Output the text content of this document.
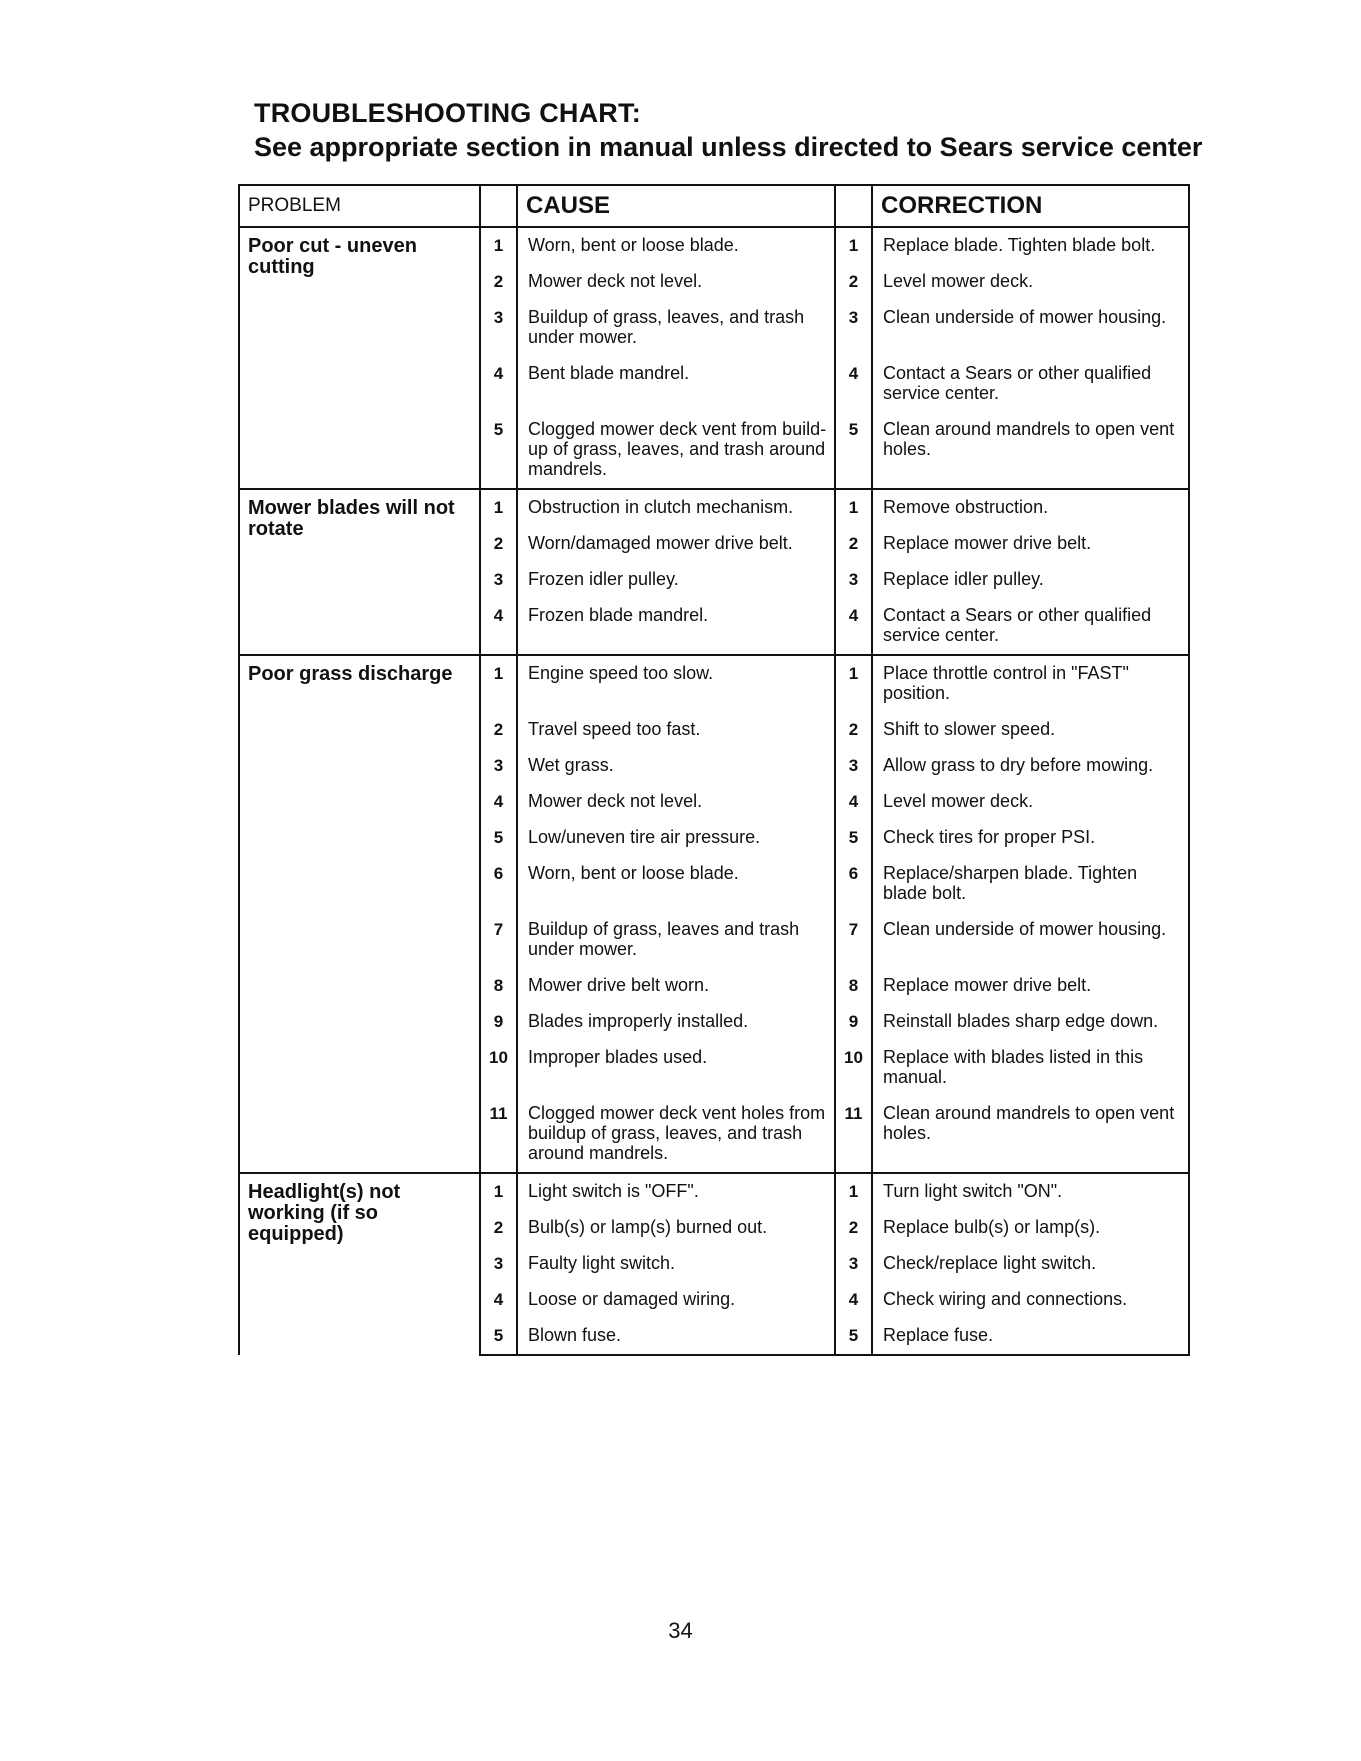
TROUBLESHOOTING CHART:
See appropriate section in manual unless directed to Sears service center
PROBLEM		CAUSE		CORRECTION
Poor cut - uneven cutting	1	Worn, bent or loose blade.	1	Replace blade. Tighten blade bolt.
	2	Mower deck not level.	2	Level mower deck.
	3	Buildup of grass, leaves, and trash under mower.	3	Clean underside of mower housing.
	4	Bent blade mandrel.	4	Contact a Sears or other qualified service center.
	5	Clogged mower deck vent from build-up of grass, leaves, and trash around mandrels.	5	Clean around mandrels to open vent holes.
Mower blades will not rotate	1	Obstruction in clutch mechanism.	1	Remove obstruction.
	2	Worn/damaged mower drive belt.	2	Replace mower drive belt.
	3	Frozen idler pulley.	3	Replace idler pulley.
	4	Frozen blade mandrel.	4	Contact a Sears or other qualified service center.
Poor grass discharge	1	Engine speed too slow.	1	Place throttle control in "FAST" position.
	2	Travel speed too fast.	2	Shift to slower speed.
	3	Wet grass.	3	Allow grass to dry before mowing.
	4	Mower deck not level.	4	Level mower deck.
	5	Low/uneven tire air pressure.	5	Check tires for proper PSI.
	6	Worn, bent or loose blade.	6	Replace/sharpen blade. Tighten blade bolt.
	7	Buildup of grass, leaves and trash under mower.	7	Clean underside of mower housing.
	8	Mower drive belt worn.	8	Replace mower drive belt.
	9	Blades improperly installed.	9	Reinstall blades sharp edge down.
	10	Improper blades used.	10	Replace with blades listed in this manual.
	11	Clogged mower deck vent holes from buildup of grass, leaves, and trash around mandrels.	11	Clean around mandrels to open vent holes.
Headlight(s) not working (if so equipped)	1	Light switch is "OFF".	1	Turn light switch "ON".
	2	Bulb(s) or lamp(s) burned out.	2	Replace bulb(s) or lamp(s).
	3	Faulty light switch.	3	Check/replace light switch.
	4	Loose or damaged wiring.	4	Check wiring and connections.
	5	Blown fuse.	5	Replace fuse.
34
